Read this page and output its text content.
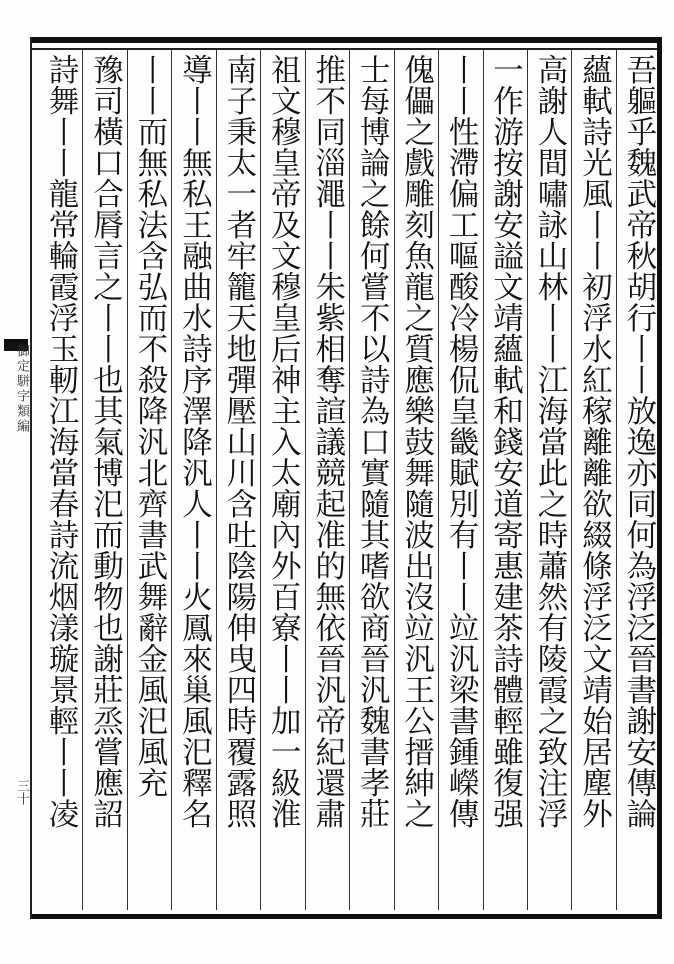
御定駢字類編
三十	吾軀乎魏武帝秋胡行丨丨放逸亦同何為浮泛晉書謝安傳論
蘊軾詩光風丨丨初浮水紅稼離離欲綴條浮泛文靖始居塵外
高謝人間嘯詠山林丨丨江海當此之時蕭然有陵霞之致注浮
一作游按謝安謚文靖蘊軾和錢安道寄惠建茶詩體輕雖復强
丨丨性滯偏工嘔酸冷楊侃皇畿賦別有丨丨竝汎梁書鍾嶸傳
傀儡之戲雕刻魚龍之質應樂鼓舞隨波出沒竝汎王公搢紳之
士每博論之餘何嘗不以詩為口實隨其嗜欲商晉汎魏書孝莊
推不同淄澠丨丨朱紫相奪諠議競起准的無依晉汎帝紀還肅
祖文穆皇帝及文穆皇后神主入太廟內外百寮丨丨加一級淮
南子秉太一者牢籠天地彈壓山川含吐陰陽伸曳四時覆露照
導丨丨無私王融曲水詩序澤降汎人丨丨火鳳來巢風汜釋名
丨丨而無私法含弘而不殺降汎北齊書武舞辭金風汜風充
豫司橫口合脣言之丨丨也其氣博汜而動物也謝莊烝嘗應詔
詩舞丨丨龍常輪霞浮玉軔江海當春詩流烟漾璇景輕丨丨凌
